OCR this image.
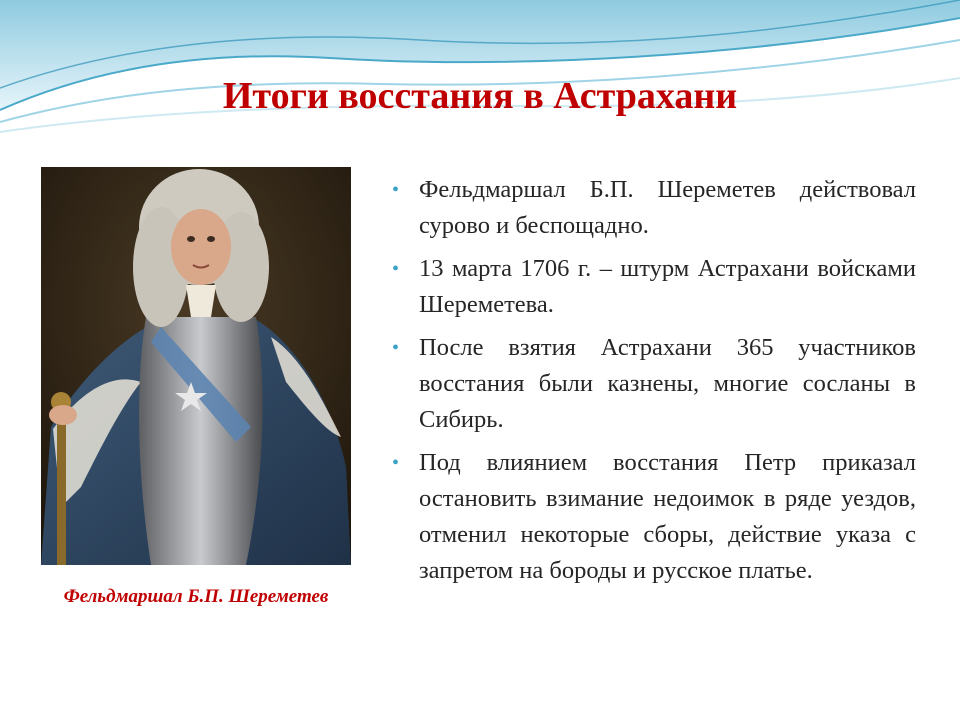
Итоги восстания в Астрахани

Фельдмаршал Б.П. Шереметев

• Фельдмаршал Б.П. Шереметев действовал сурово и беспощадно.
• 13 марта 1706 г. – штурм Астрахани войсками Шереметева.
• После взятия Астрахани 365 участников восстания были казнены, многие сосланы в Сибирь.
• Под влиянием восстания Петр приказал остановить взимание недоимок в ряде уездов, отменил некоторые сборы, действие указа с запретом на бороды и русское платье.
